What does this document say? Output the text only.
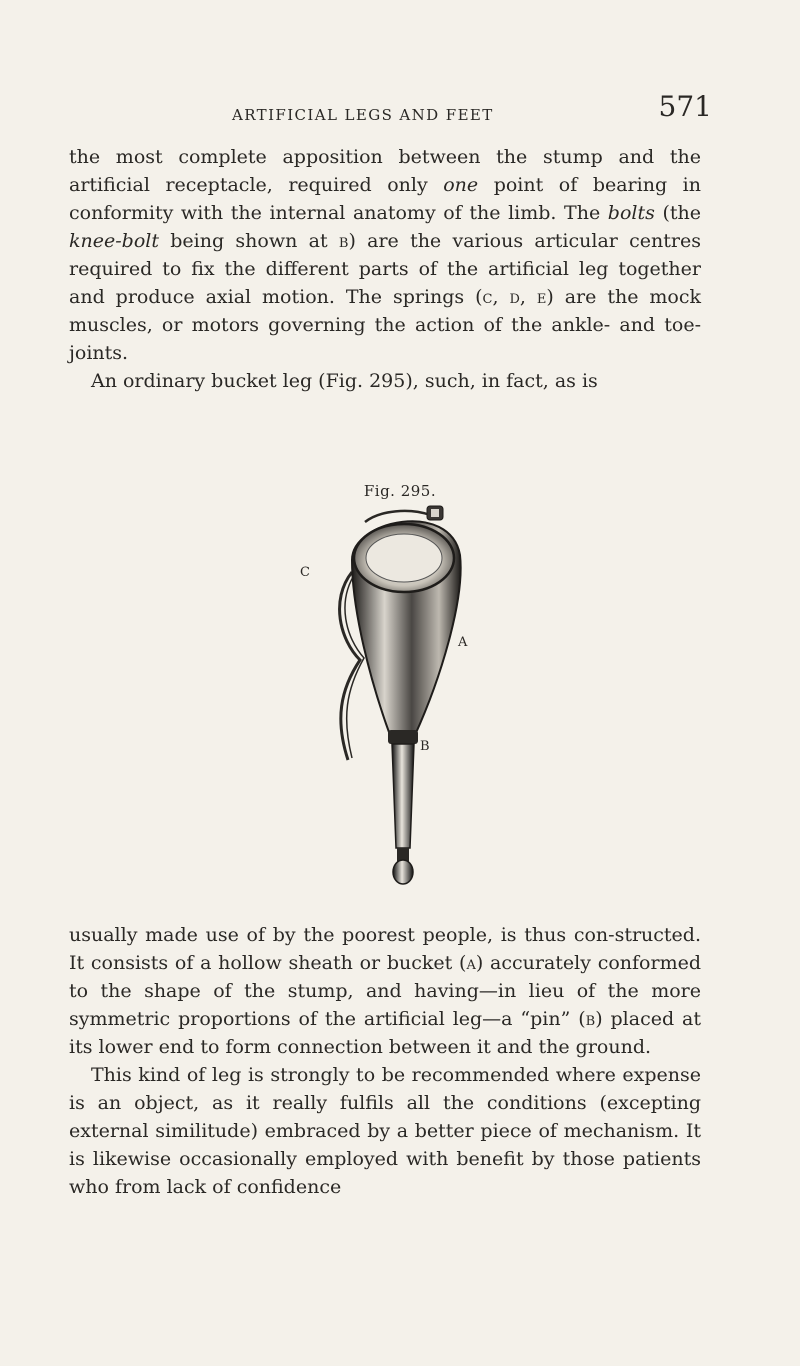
ARTIFICIAL LEGS AND FEET	571

the most complete apposition between the stump and the artificial receptacle, required only one point of bearing in conformity with the internal anatomy of the limb. The bolts (the knee-bolt being shown at b) are the various articular centres required to fix the different parts of the artificial leg together and produce axial motion. The springs (c, d, e) are the mock muscles, or motors governing the action of the ankle- and toe-joints.

An ordinary bucket leg (Fig. 295), such, in fact, as is

Fig. 295.
C
A
B

usually made use of by the poorest people, is thus con-structed. It consists of a hollow sheath or bucket (a) accurately conformed to the shape of the stump, and having—in lieu of the more symmetric proportions of the artificial leg—a “pin” (b) placed at its lower end to form connection between it and the ground.

This kind of leg is strongly to be recommended where expense is an object, as it really fulfils all the conditions (excepting external similitude) embraced by a better piece of mechanism. It is likewise occasionally employed with benefit by those patients who from lack of confidence
